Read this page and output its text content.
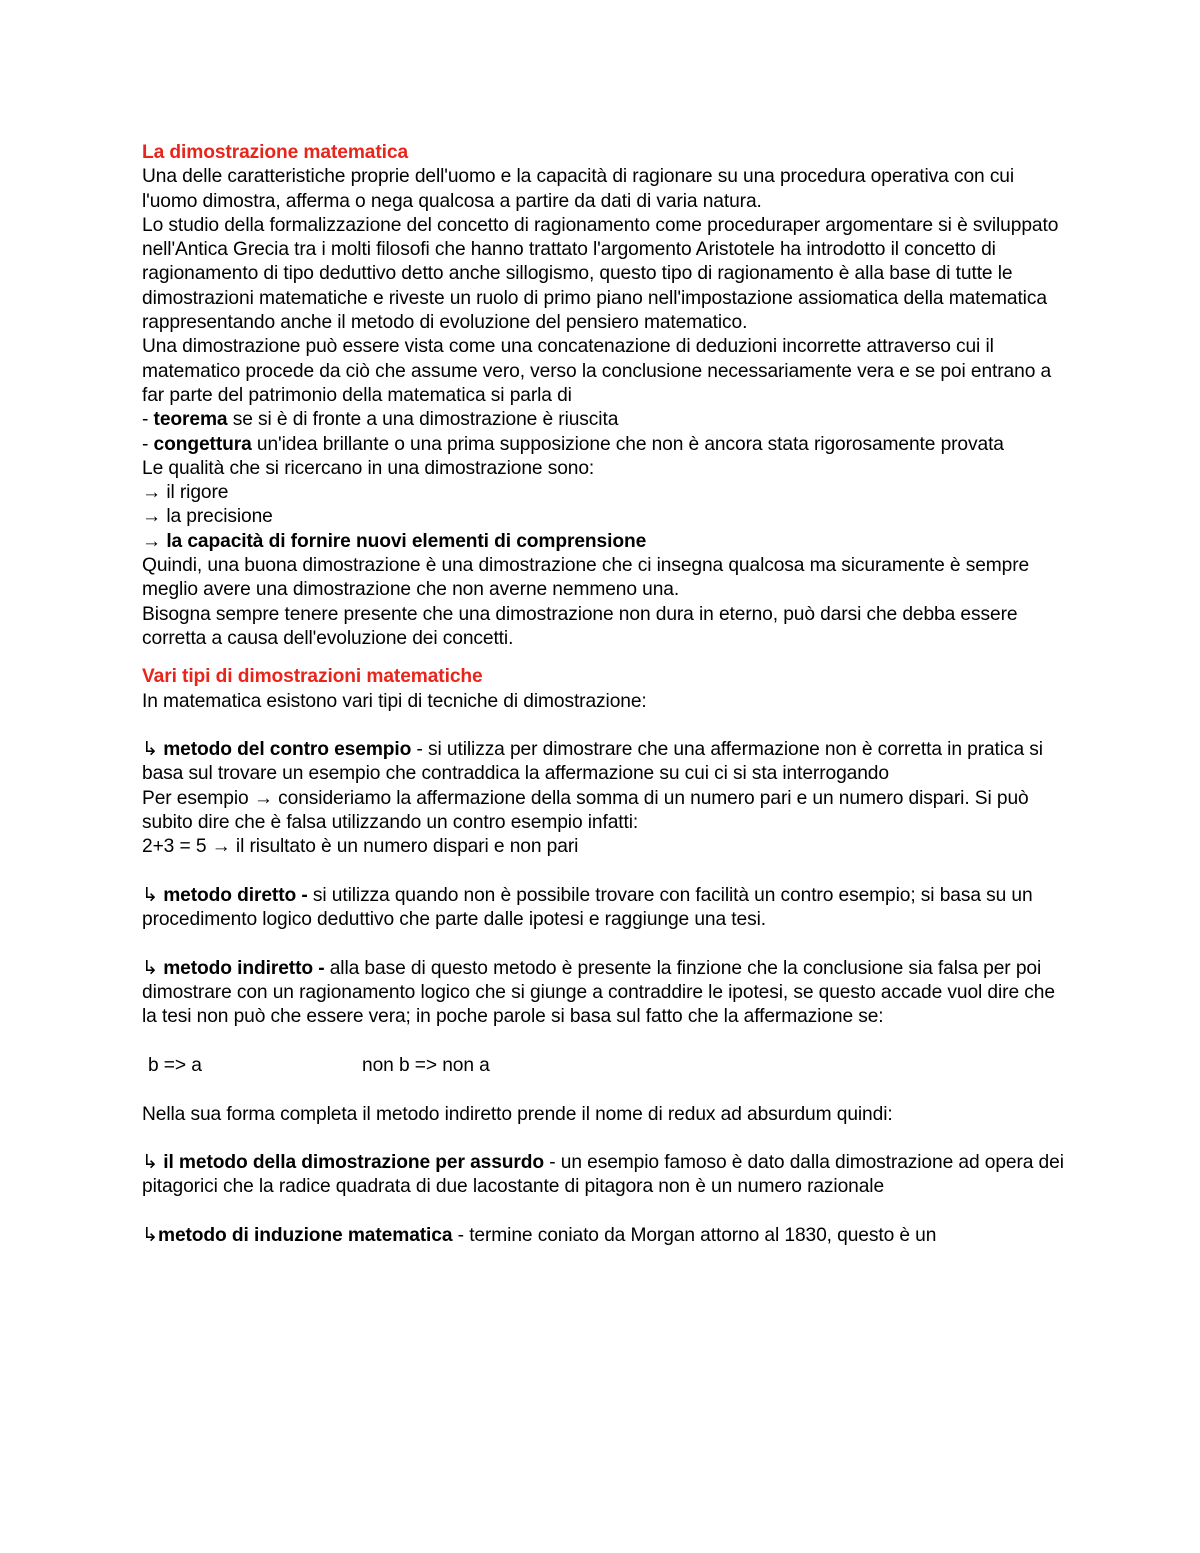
La dimostrazione matematica

Una delle caratteristiche proprie dell'uomo e la capacità di ragionare su una procedura operativa con cui l'uomo dimostra, afferma o nega qualcosa a partire da dati di varia natura.

Lo studio della formalizzazione del concetto di ragionamento come proceduraper argomentare si è sviluppato nell'Antica Grecia tra i molti filosofi che hanno trattato l'argomento Aristotele ha introdotto il concetto di ragionamento di tipo deduttivo detto anche sillogismo, questo tipo di ragionamento è alla base di tutte le dimostrazioni matematiche e riveste un ruolo di primo piano nell'impostazione assiomatica della matematica rappresentando anche il metodo di evoluzione del pensiero matematico.

Una dimostrazione può essere vista come una concatenazione di deduzioni incorrette attraverso cui il matematico procede da ciò che assume vero, verso la conclusione necessariamente vera e se poi entrano a far parte del patrimonio della matematica si parla di

- teorema se si è di fronte a una dimostrazione è riuscita

- congettura un'idea brillante o una prima supposizione che non è ancora stata rigorosamente provata

Le qualità che si ricercano in una dimostrazione sono:

→ il rigore

→ la precisione

→ la capacità di fornire nuovi elementi di comprensione

Quindi, una buona dimostrazione è una dimostrazione che ci insegna qualcosa ma sicuramente è sempre meglio avere una dimostrazione che non averne nemmeno una.

Bisogna sempre tenere presente che una dimostrazione non dura in eterno, può darsi che debba essere corretta a causa dell'evoluzione dei concetti.

Vari tipi di dimostrazioni matematiche

In matematica esistono vari tipi di tecniche di dimostrazione:

↳ metodo del contro esempio - si utilizza per dimostrare che una affermazione non è corretta in pratica si basa sul trovare un esempio che contraddica la affermazione su cui ci si sta interrogando

Per esempio → consideriamo la affermazione della somma di un numero pari e un numero dispari. Si può subito dire che è falsa utilizzando un contro esempio infatti:

2+3 = 5 → il risultato è un numero dispari e non pari

↳ metodo diretto - si utilizza quando non è possibile trovare con facilità un contro esempio; si basa su un procedimento logico deduttivo che parte dalle ipotesi e raggiunge una tesi.

↳ metodo indiretto - alla base di questo metodo è presente la finzione che la conclusione sia falsa per poi dimostrare con un ragionamento logico che si giunge a contraddire le ipotesi, se questo accade vuol dire che la tesi non può che essere vera; in poche parole si basa sul fatto che la affermazione se:

b => a	non b => non a

Nella sua forma completa il metodo indiretto prende il nome di redux ad absurdum quindi:

↳ il metodo della dimostrazione per assurdo - un esempio famoso è dato dalla dimostrazione ad opera dei pitagorici che la radice quadrata di due lacostante di pitagora non è un numero razionale

↳metodo di induzione matematica - termine coniato da Morgan attorno al 1830, questo è un
